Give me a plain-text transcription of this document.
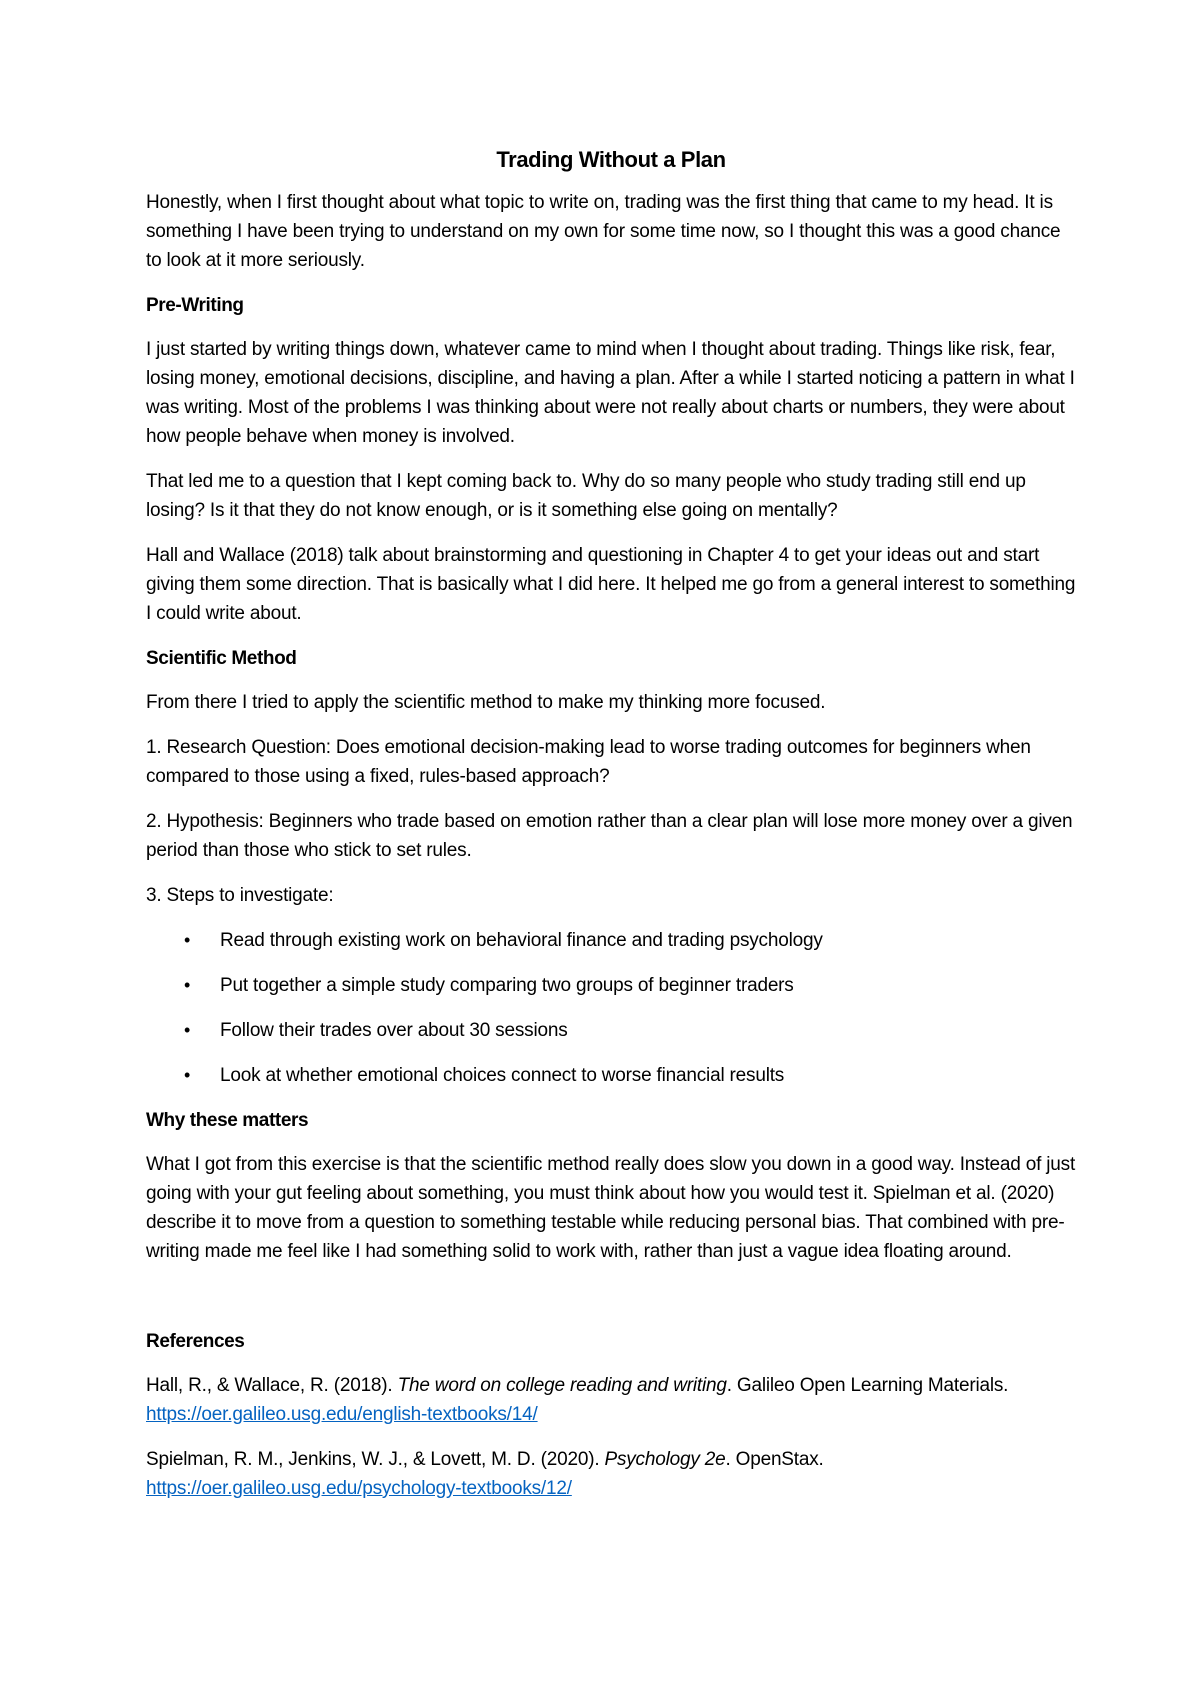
Trading Without a Plan

Honestly, when I first thought about what topic to write on, trading was the first thing that came to my head. It is something I have been trying to understand on my own for some time now, so I thought this was a good chance to look at it more seriously.

Pre-Writing

I just started by writing things down, whatever came to mind when I thought about trading. Things like risk, fear, losing money, emotional decisions, discipline, and having a plan. After a while I started noticing a pattern in what I was writing. Most of the problems I was thinking about were not really about charts or numbers, they were about how people behave when money is involved.

That led me to a question that I kept coming back to. Why do so many people who study trading still end up losing? Is it that they do not know enough, or is it something else going on mentally?

Hall and Wallace (2018) talk about brainstorming and questioning in Chapter 4 to get your ideas out and start giving them some direction. That is basically what I did here. It helped me go from a general interest to something I could write about.

Scientific Method

From there I tried to apply the scientific method to make my thinking more focused.

1. Research Question: Does emotional decision-making lead to worse trading outcomes for beginners when compared to those using a fixed, rules-based approach?

2. Hypothesis: Beginners who trade based on emotion rather than a clear plan will lose more money over a given period than those who stick to set rules.

3. Steps to investigate:

• Read through existing work on behavioral finance and trading psychology
• Put together a simple study comparing two groups of beginner traders
• Follow their trades over about 30 sessions
• Look at whether emotional choices connect to worse financial results
Why these matters

What I got from this exercise is that the scientific method really does slow you down in a good way. Instead of just going with your gut feeling about something, you must think about how you would test it. Spielman et al. (2020) describe it to move from a question to something testable while reducing personal bias. That combined with pre-writing made me feel like I had something solid to work with, rather than just a vague idea floating around.

References

Hall, R., & Wallace, R. (2018). The word on college reading and writing. Galileo Open Learning Materials. https://oer.galileo.usg.edu/english-textbooks/14/

Spielman, R. M., Jenkins, W. J., & Lovett, M. D. (2020). Psychology 2e. OpenStax.
https://oer.galileo.usg.edu/psychology-textbooks/12/
